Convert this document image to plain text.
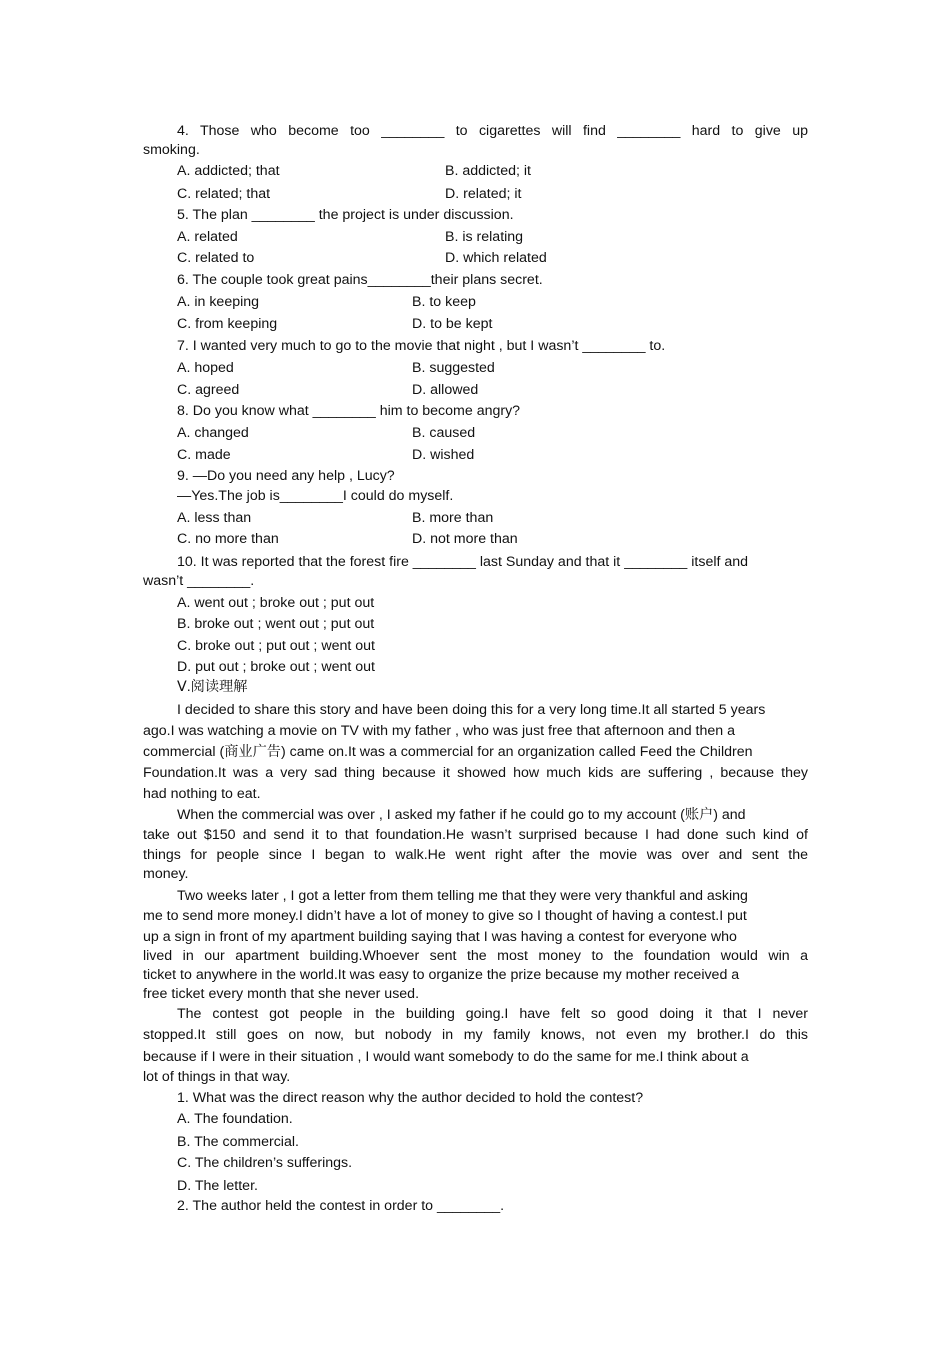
4. Those who become too ________ to cigarettes will find ________ hard to give up
smoking.
A. addicted; that	B. addicted; it
C. related; that	D. related; it
5. The plan ________ the project is under discussion.
A. related	B. is relating
C. related to	D. which related
6. The couple took great pains________their plans secret.
A. in keeping	B. to keep
C. from keeping	D. to be kept
7. I wanted very much to go to the movie that night , but I wasn’t ________ to.
A. hoped	B. suggested
C. agreed	D. allowed
8. Do you know what ________ him to become angry?
A. changed	B. caused
C. made	D. wished
9. —Do you need any help , Lucy?
—Yes.The job is________I could do myself.
A. less than	B. more than
C. no more than	D. not more than
10. It was reported that the forest fire ________ last Sunday and that it ________ itself and
wasn’t ________.
A. went out ; broke out ; put out
B. broke out ; went out ; put out
C. broke out ; put out ; went out
D. put out ; broke out ; went out
Ⅴ.阅读理解
I decided to share this story and have been doing this for a very long time.It all started 5 years
ago.I was watching a movie on TV with my father , who was just free that afternoon and then a
commercial (商业广告) came on.It was a commercial for an organization called Feed the Children
Foundation.It was a very sad thing because it showed how much kids are suffering , because they
had nothing to eat.
When the commercial was over , I asked my father if he could go to my account (账户) and
take out $150 and send it to that foundation.He wasn’t surprised because I had done such kind of
things for people since I began to walk.He went right after the movie was over and sent the
money.
Two weeks later , I got a letter from them telling me that they were very thankful and asking
me to send more money.I didn’t have a lot of money to give so I thought of having a contest.I put
up a sign in front of my apartment building saying that I was having a contest for everyone who
lived in our apartment building.Whoever sent the most money to the foundation would win a
ticket to anywhere in the world.It was easy to organize the prize because my mother received a
free ticket every month that she never used.
The contest got people in the building going.I have felt so good doing it that I never
stopped.It still goes on now, but nobody in my family knows, not even my brother.I do this
because if I were in their situation , I would want somebody to do the same for me.I think about a
lot of things in that way.
1. What was the direct reason why the author decided to hold the contest?
A. The foundation.
B. The commercial.
C. The children’s sufferings.
D. The letter.
2. The author held the contest in order to ________.
